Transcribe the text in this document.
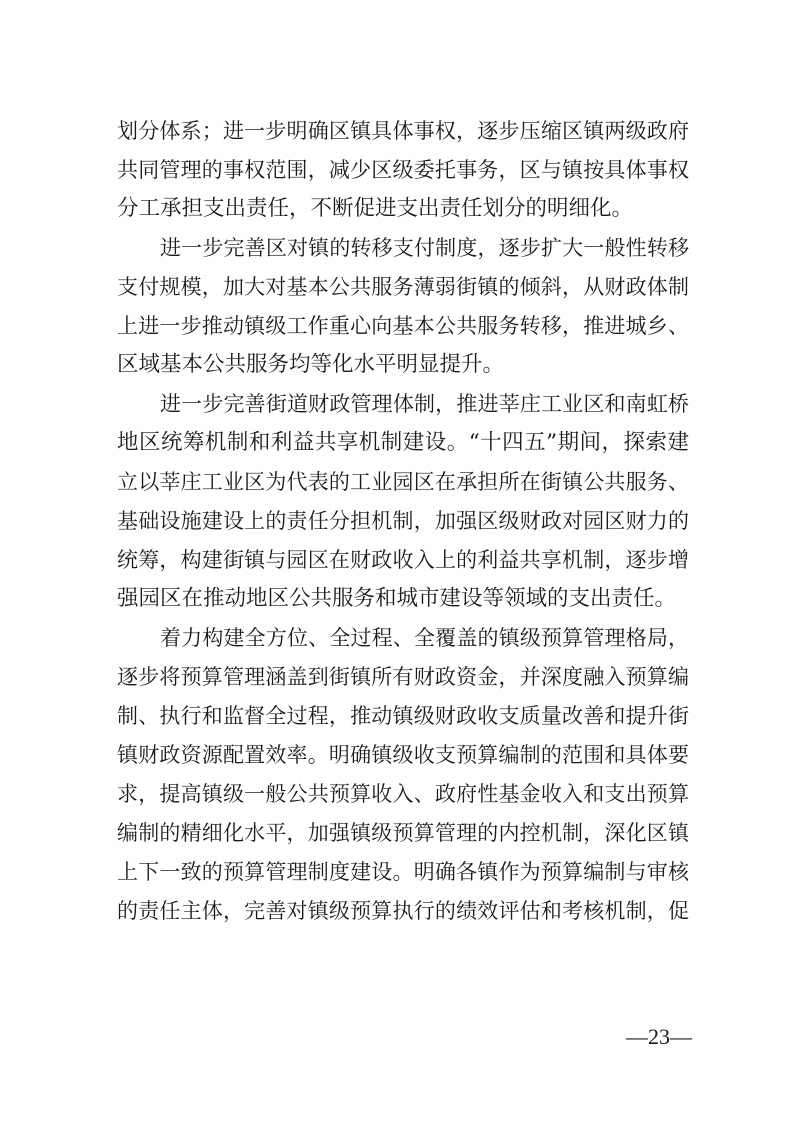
划分体系；进一步明确区镇具体事权，逐步压缩区镇两级政府
共同管理的事权范围，减少区级委托事务，区与镇按具体事权
分工承担支出责任，不断促进支出责任划分的明细化。
进一步完善区对镇的转移支付制度，逐步扩大一般性转移
支付规模，加大对基本公共服务薄弱街镇的倾斜，从财政体制
上进一步推动镇级工作重心向基本公共服务转移，推进城乡、
区域基本公共服务均等化水平明显提升。
进一步完善街道财政管理体制，推进莘庄工业区和南虹桥
地区统筹机制和利益共享机制建设。“十四五”期间，探索建
立以莘庄工业区为代表的工业园区在承担所在街镇公共服务、
基础设施建设上的责任分担机制，加强区级财政对园区财力的
统筹，构建街镇与园区在财政收入上的利益共享机制，逐步增
强园区在推动地区公共服务和城市建设等领域的支出责任。
着力构建全方位、全过程、全覆盖的镇级预算管理格局，
逐步将预算管理涵盖到街镇所有财政资金，并深度融入预算编
制、执行和监督全过程，推动镇级财政收支质量改善和提升街
镇财政资源配置效率。明确镇级收支预算编制的范围和具体要
求，提高镇级一般公共预算收入、政府性基金收入和支出预算
编制的精细化水平，加强镇级预算管理的内控机制，深化区镇
上下一致的预算管理制度建设。明确各镇作为预算编制与审核
的责任主体，完善对镇级预算执行的绩效评估和考核机制，促
—23—
